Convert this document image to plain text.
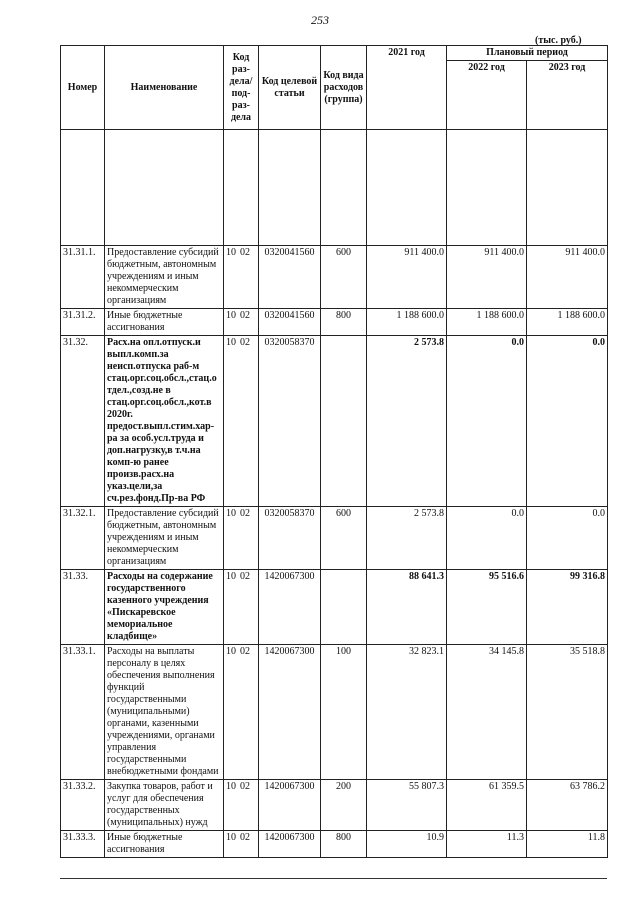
253
(тыс. руб.)
Номер	Наименование	Код раз-дела/ под-раз-дела	Код целевой статьи	Код вида расходов (группа)	2021 год	Плановый период	
						2022 год	2023 год

31.31.1.	Предоставление субсидий бюджетным, автономным учреждениям и иным некоммерческим организациям	10 02	0320041560	600	911 400.0	911 400.0	911 400.0
31.31.2.	Иные бюджетные ассигнования	10 02	0320041560	800	1 188 600.0	1 188 600.0	1 188 600.0
31.32.	Расх.на опл.отпуск.и выпл.комп.за неисп.отпуска раб-м стац.орг.соц.обсл.,стац.отдел.,созд.не в стац.орг.соц.обсл.,кот.в 2020г. предост.выпл.стим.хар-ра за особ.усл.труда и доп.нагрузку,в т.ч.на комп-ю ранее произв.расх.на указ.цели,за сч.рез.фонд.Пр-ва РФ	10 02	0320058370		2 573.8	0.0	0.0
31.32.1.	Предоставление субсидий бюджетным, автономным учреждениям и иным некоммерческим организациям	10 02	0320058370	600	2 573.8	0.0	0.0
31.33.	Расходы на содержание государственного казенного учреждения «Пискаревское мемориальное кладбище»	10 02	1420067300		88 641.3	95 516.6	99 316.8
31.33.1.	Расходы на выплаты персоналу в целях обеспечения выполнения функций государственными (муниципальными) органами, казенными учреждениями, органами управления государственными внебюджетными фондами	10 02	1420067300	100	32 823.1	34 145.8	35 518.8
31.33.2.	Закупка товаров, работ и услуг для обеспечения государственных (муниципальных) нужд	10 02	1420067300	200	55 807.3	61 359.5	63 786.2
31.33.3.	Иные бюджетные ассигнования	10 02	1420067300	800	10.9	11.3	11.8
